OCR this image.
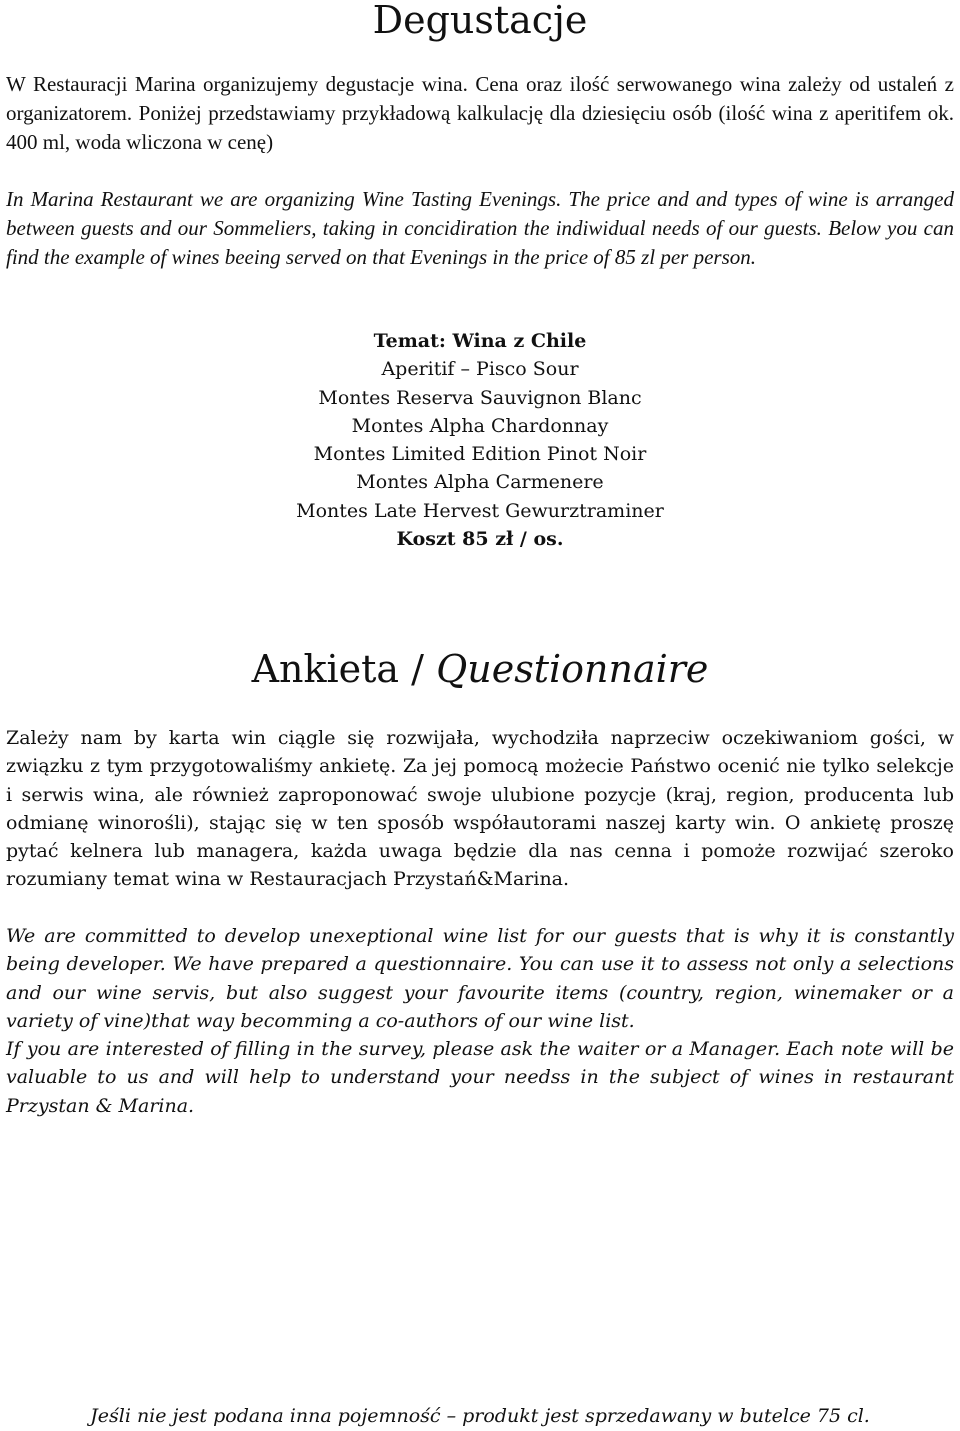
Degustacje

W Restauracji Marina organizujemy degustacje wina. Cena oraz ilość serwowanego wina zależy od ustaleń z organizatorem. Poniżej przedstawiamy przykładową kalkulację dla dziesięciu osób (ilość wina z aperitifem ok. 400 ml, woda wliczona w cenę)

In Marina Restaurant we are organizing Wine Tasting Evenings. The price and and types of wine is arranged between guests and our Sommeliers, taking in concidiration the indiwidual needs of our guests. Below you can find the example of wines beeing served on that Evenings in the price of 85 zl per person.

Temat: Wina z Chile
Aperitif – Pisco Sour
Montes Reserva Sauvignon Blanc
Montes Alpha Chardonnay
Montes Limited Edition Pinot Noir
Montes Alpha Carmenere
Montes Late Hervest Gewurztraminer
Koszt 85 zł / os.
Ankieta / Questionnaire

Zależy nam by karta win ciągle się rozwijała, wychodziła naprzeciw oczekiwaniom gości, w związku z tym przygotowaliśmy ankietę. Za jej pomocą możecie Państwo ocenić nie tylko selekcje i serwis wina, ale również zaproponować swoje ulubione pozycje (kraj, region, producenta lub odmianę winorośli), stając się w ten sposób współautorami naszej karty win. O ankietę proszę pytać kelnera lub managera, każda uwaga będzie dla nas cenna i pomoże rozwijać szeroko rozumiany temat wina w Restauracjach Przystań&Marina.

We are committed to develop unexeptional wine list for our guests that is why it is constantly being developer. We have prepared a questionnaire. You can use it to assess not only a selections and our wine servis, but also suggest your favourite items (country, region, winemaker or a variety of vine)that way becomming a co-authors of our wine list.

If you are interested of filling in the survey, please ask the waiter or a Manager. Each note will be valuable to us and will help to understand your needss in the subject of wines in restaurant Przystan & Marina.

Jeśli nie jest podana inna pojemność – produkt jest sprzedawany w butelce 75 cl.
